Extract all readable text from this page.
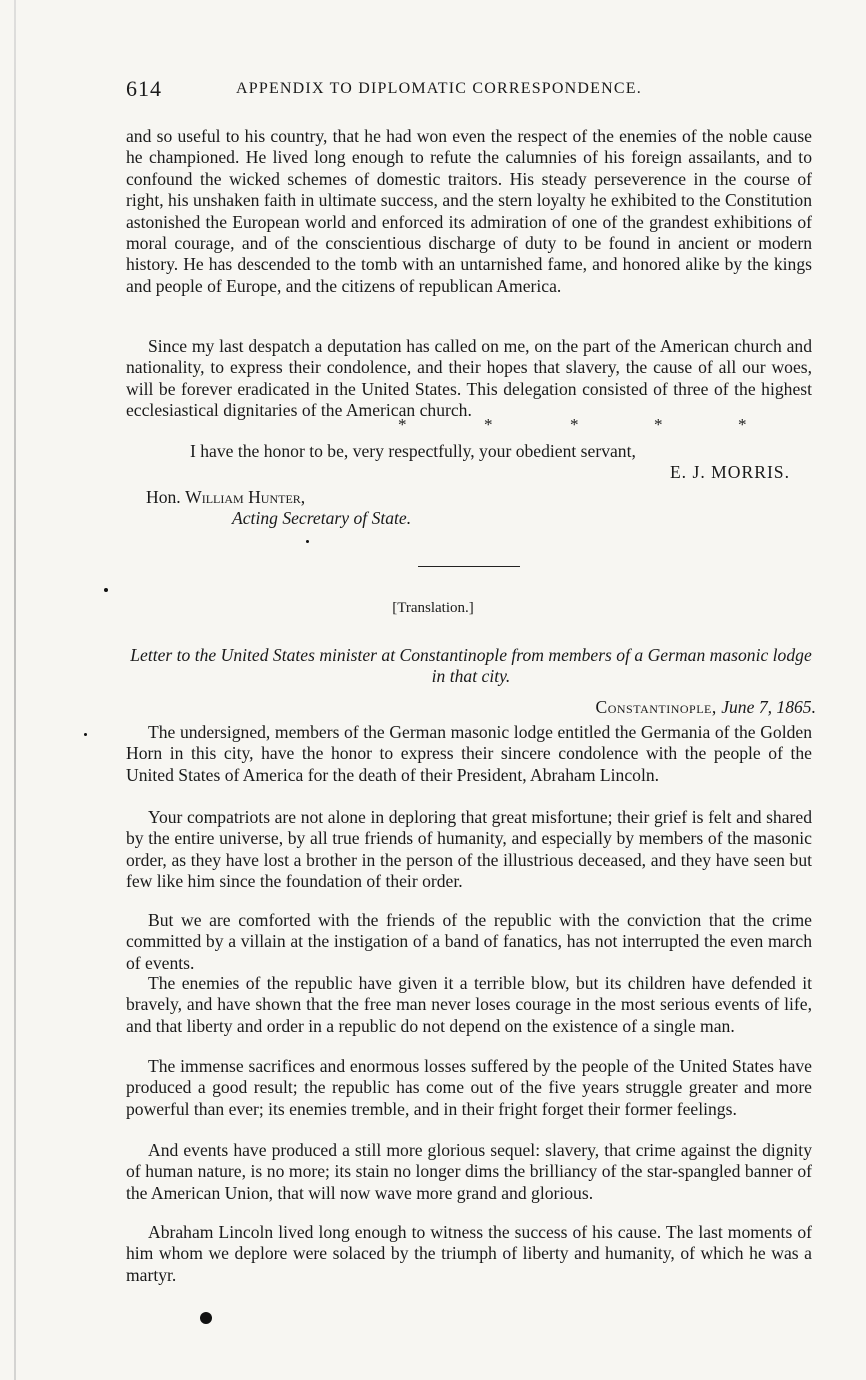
614	APPENDIX TO DIPLOMATIC CORRESPONDENCE.

and so useful to his country, that he had won even the respect of the enemies of the noble cause he championed. He lived long enough to refute the calumnies of his foreign assailants, and to confound the wicked schemes of domestic traitors. His steady perseverence in the course of right, his unshaken faith in ultimate success, and the stern loyalty he exhibited to the Constitution astonished the European world and enforced its admiration of one of the grandest exhibitions of moral courage, and of the conscientious discharge of duty to be found in ancient or modern history. He has descended to the tomb with an untarnished fame, and honored alike by the kings and people of Europe, and the citizens of republican America.

Since my last despatch a deputation has called on me, on the part of the American church and nationality, to express their condolence, and their hopes that slavery, the cause of all our woes, will be forever eradicated in the United States. This delegation consisted of three of the highest ecclesiastical dignitaries of the American church.

*	*	*	*	*

I have the honor to be, very respectfully, your obedient servant,

E. J. MORRIS.
Hon. William Hunter,
Acting Secretary of State.
[Translation.]
Letter to the United States minister at Constantinople from members of a German masonic lodge in that city.
Constantinople, June 7, 1865.

The undersigned, members of the German masonic lodge entitled the Germania of the Golden Horn in this city, have the honor to express their sincere condolence with the people of the United States of America for the death of their President, Abraham Lincoln.

Your compatriots are not alone in deploring that great misfortune; their grief is felt and shared by the entire universe, by all true friends of humanity, and especially by members of the masonic order, as they have lost a brother in the person of the illustrious deceased, and they have seen but few like him since the foundation of their order.

But we are comforted with the friends of the republic with the conviction that the crime committed by a villain at the instigation of a band of fanatics, has not interrupted the even march of events.

The enemies of the republic have given it a terrible blow, but its children have defended it bravely, and have shown that the free man never loses courage in the most serious events of life, and that liberty and order in a republic do not depend on the existence of a single man.

The immense sacrifices and enormous losses suffered by the people of the United States have produced a good result; the republic has come out of the five years struggle greater and more powerful than ever; its enemies tremble, and in their fright forget their former feelings.

And events have produced a still more glorious sequel: slavery, that crime against the dignity of human nature, is no more; its stain no longer dims the brilliancy of the star-spangled banner of the American Union, that will now wave more grand and glorious.

Abraham Lincoln lived long enough to witness the success of his cause. The last moments of him whom we deplore were solaced by the triumph of liberty and humanity, of which he was a martyr.
